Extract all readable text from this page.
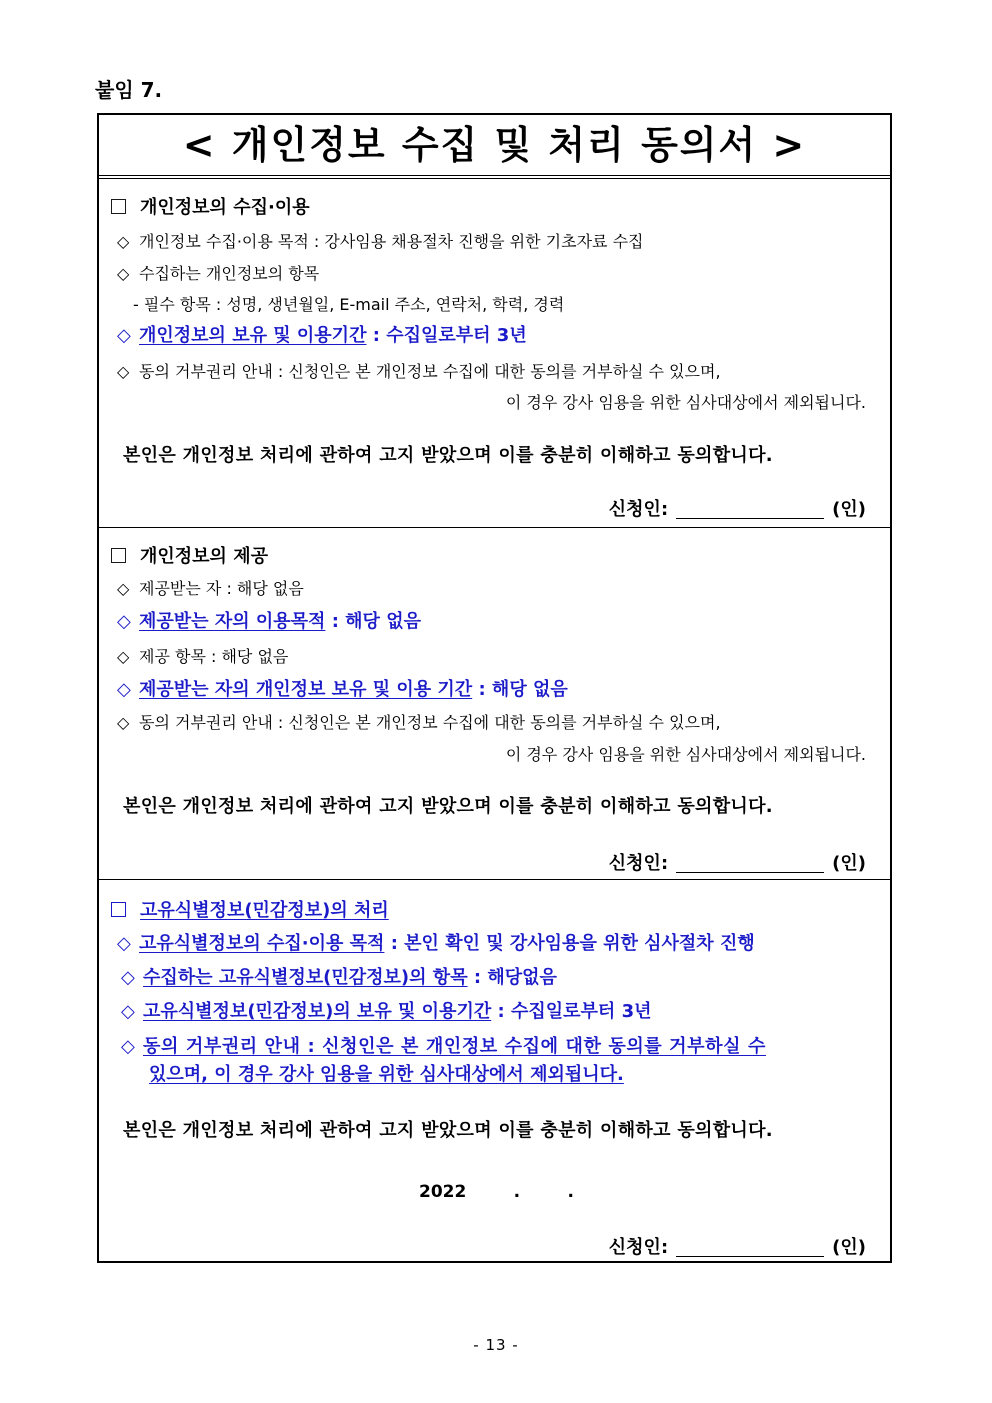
붙임 7.
< 개인정보 수집 및 처리 동의서 >
개인정보의 수집·이용
◇ 개인정보 수집·이용 목적 : 강사임용 채용절차 진행을 위한 기초자료 수집
◇ 수집하는 개인정보의 항목
- 필수 항목 : 성명, 생년월일, E-mail 주소, 연락처, 학력, 경력
◇ 개인정보의 보유 및 이용기간 : 수집일로부터 3년
◇ 동의 거부권리 안내 : 신청인은 본 개인정보 수집에 대한 동의를 거부하실 수 있으며,
이 경우 강사 임용을 위한 심사대상에서 제외됩니다.
본인은 개인정보 처리에 관하여 고지 받았으며 이를 충분히 이해하고 동의합니다.
신청인:	(인)
개인정보의 제공
◇ 제공받는 자 : 해당 없음
◇ 제공받는 자의 이용목적 : 해당 없음
◇ 제공 항목 : 해당 없음
◇ 제공받는 자의 개인정보 보유 및 이용 기간 : 해당 없음
◇ 동의 거부권리 안내 : 신청인은 본 개인정보 수집에 대한 동의를 거부하실 수 있으며,
이 경우 강사 임용을 위한 심사대상에서 제외됩니다.
본인은 개인정보 처리에 관하여 고지 받았으며 이를 충분히 이해하고 동의합니다.
신청인:	(인)
고유식별정보(민감정보)의 처리
◇ 고유식별정보의 수집·이용 목적 : 본인 확인 및 강사임용을 위한 심사절차 진행
◇ 수집하는 고유식별정보(민감정보)의 항목 : 해당없음
◇ 고유식별정보(민감정보)의 보유 및 이용기간 : 수집일로부터 3년
◇ 동의 거부권리 안내 : 신청인은 본 개인정보 수집에 대한 동의를 거부하실 수
있으며, 이 경우 강사 임용을 위한 심사대상에서 제외됩니다.
본인은 개인정보 처리에 관하여 고지 받았으며 이를 충분히 이해하고 동의합니다.
2022        .        .
신청인:	(인)
- 13 -
